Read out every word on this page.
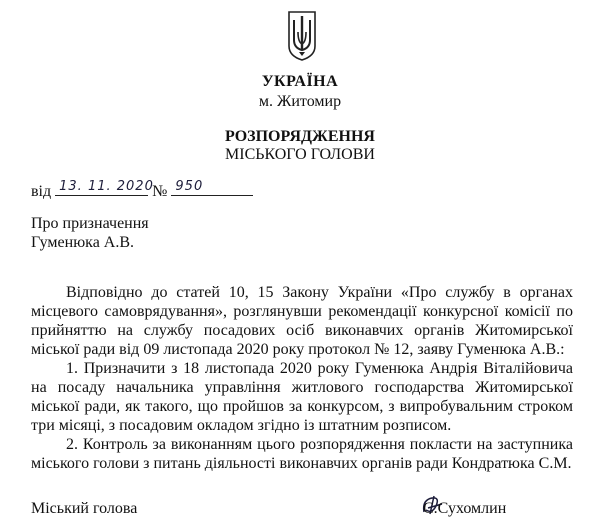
УКРАЇНА
м. Житомир
РОЗПОРЯДЖЕННЯ
МІСЬКОГО ГОЛОВИ
від 13. 11. 2020
№ 950
Про призначення
Гуменюка А.В.

Відповідно до статей 10, 15 Закону України «Про службу в органах місцевого самоврядування», розглянувши рекомендації конкурсної комісії по прийняттю на службу посадових осіб виконавчих органів Житомирської міської ради від 09 листопада 2020 року протокол № 12, заяву Гуменюка А.В.:

1. Призначити з 18 листопада 2020 року Гуменюка Андрія Віталійовича на посаду начальника управління житлового господарства Житомирської міської ради, як такого, що пройшов за конкурсом, з випробувальним строком три місяці, з посадовим окладом згідно із штатним розписом.

2. Контроль за виконанням цього розпорядження покласти на заступника міського голови з питань діяльності виконавчих органів ради Кондратюка С.М.

Міський голова	С.Сухомлин
